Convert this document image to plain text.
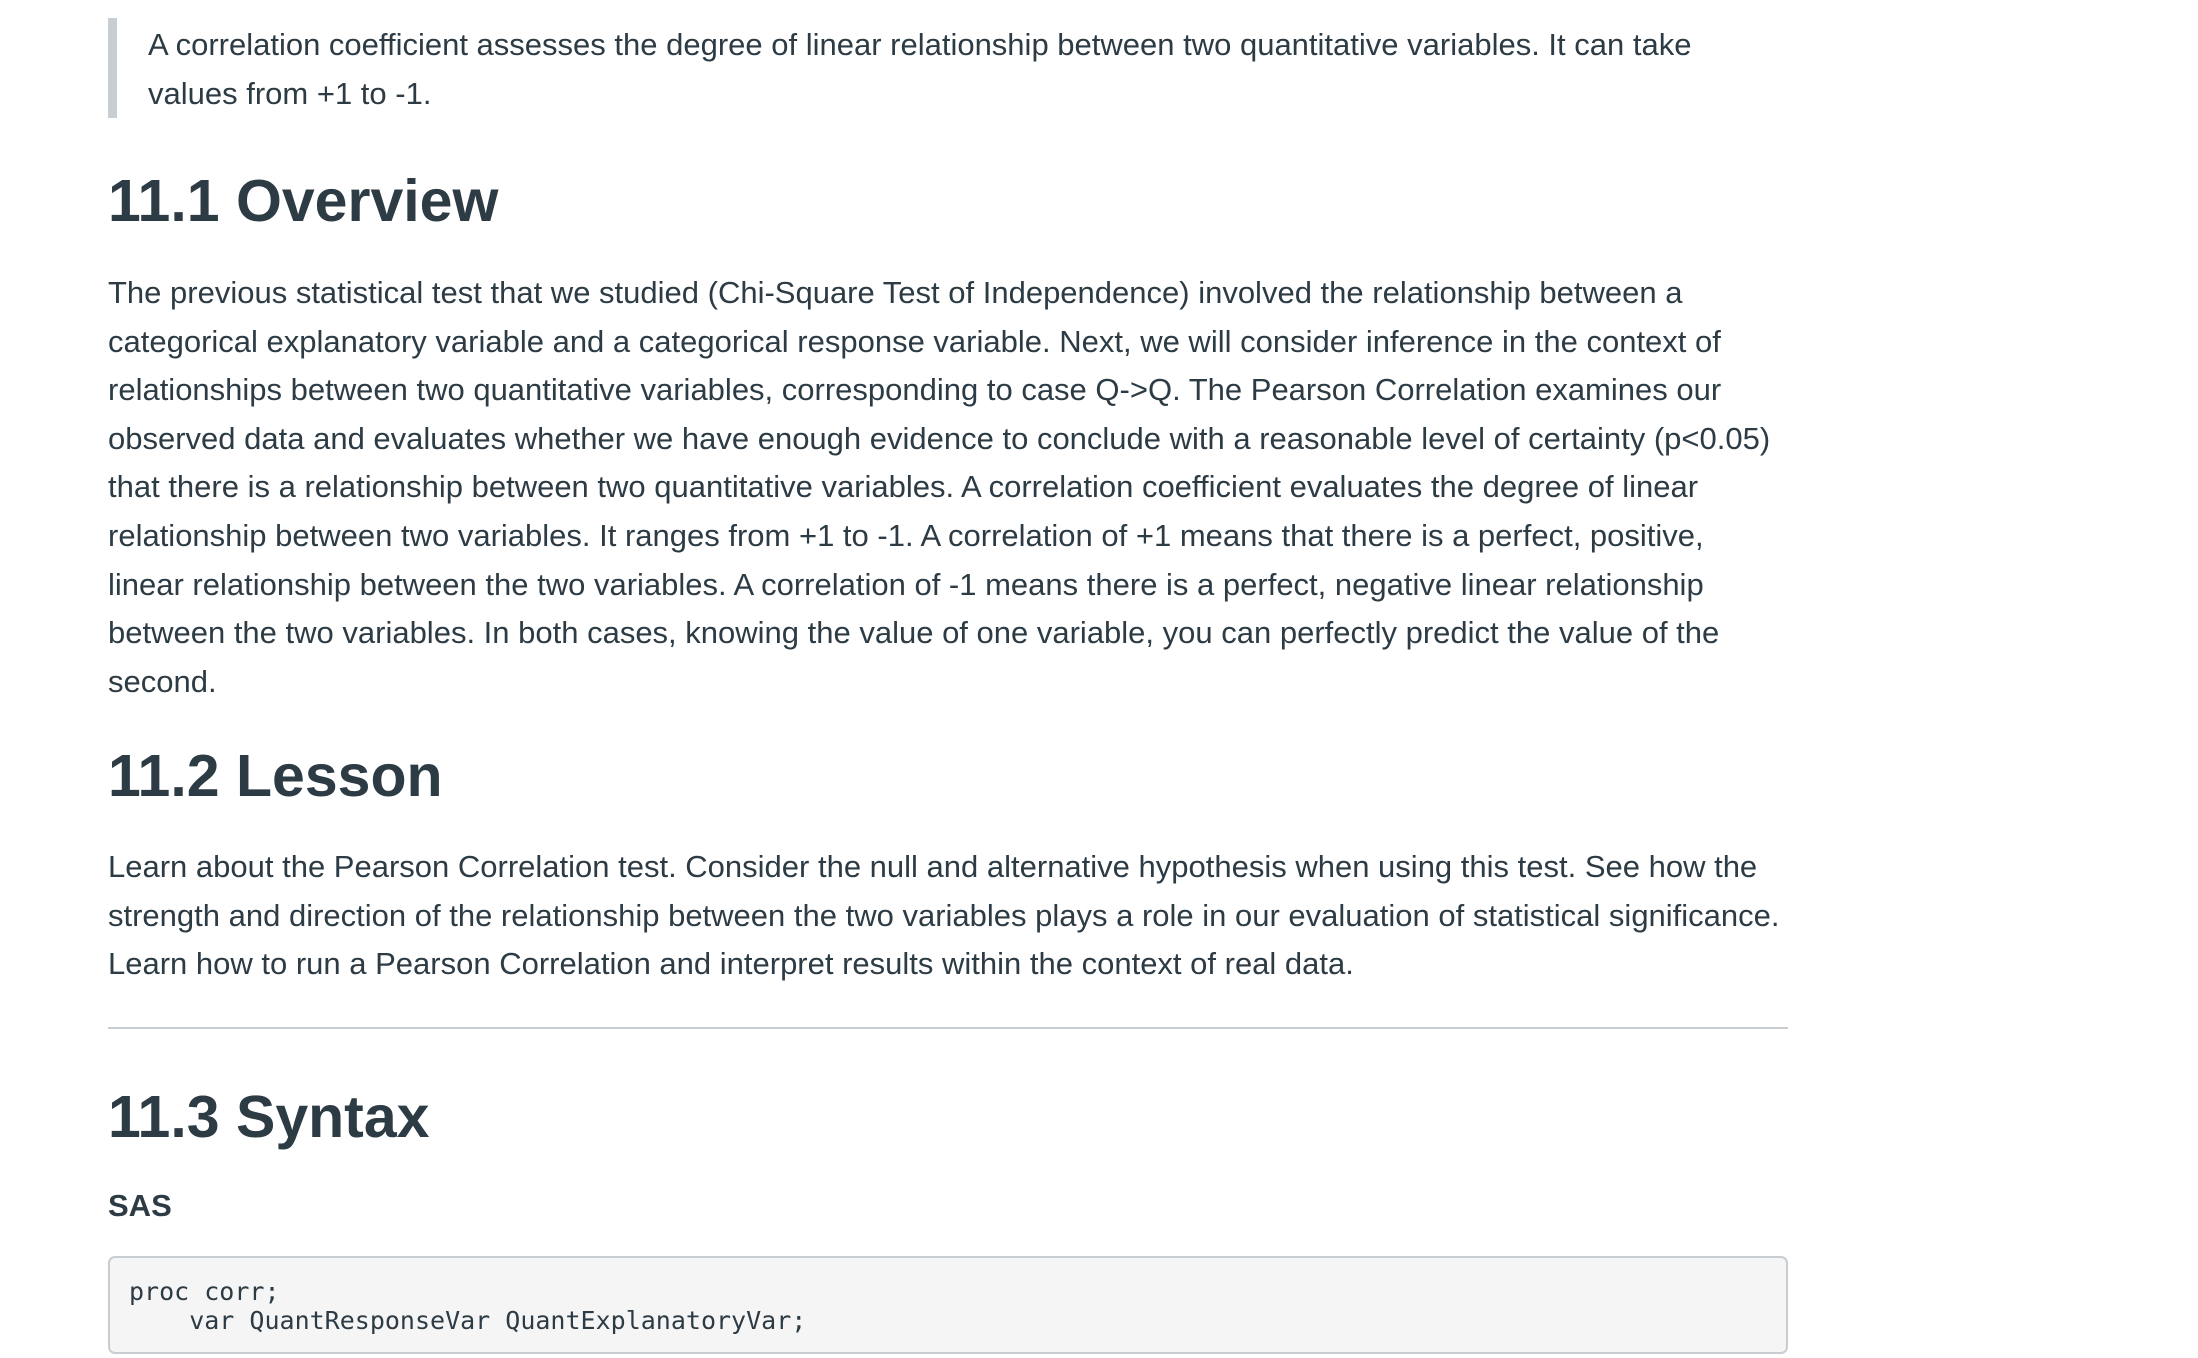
A correlation coefficient assesses the degree of linear relationship between two quantitative variables. It can take values from +1 to -1.

11.1 Overview

The previous statistical test that we studied (Chi-Square Test of Independence) involved the relationship between a categorical explanatory variable and a categorical response variable. Next, we will consider inference in the context of relationships between two quantitative variables, corresponding to case Q->Q. The Pearson Correlation examines our observed data and evaluates whether we have enough evidence to conclude with a reasonable level of certainty (p<0.05) that there is a relationship between two quantitative variables. A correlation coefficient evaluates the degree of linear relationship between two variables. It ranges from +1 to -1. A correlation of +1 means that there is a perfect, positive, linear relationship between the two variables. A correlation of -1 means there is a perfect, negative linear relationship between the two variables. In both cases, knowing the value of one variable, you can perfectly predict the value of the second.

11.2 Lesson

Learn about the Pearson Correlation test. Consider the null and alternative hypothesis when using this test. See how the strength and direction of the relationship between the two variables plays a role in our evaluation of statistical significance. Learn how to run a Pearson Correlation and interpret results within the context of real data.

11.3 Syntax
SAS
proc corr;
var QuantResponseVar QuantExplanatoryVar;
